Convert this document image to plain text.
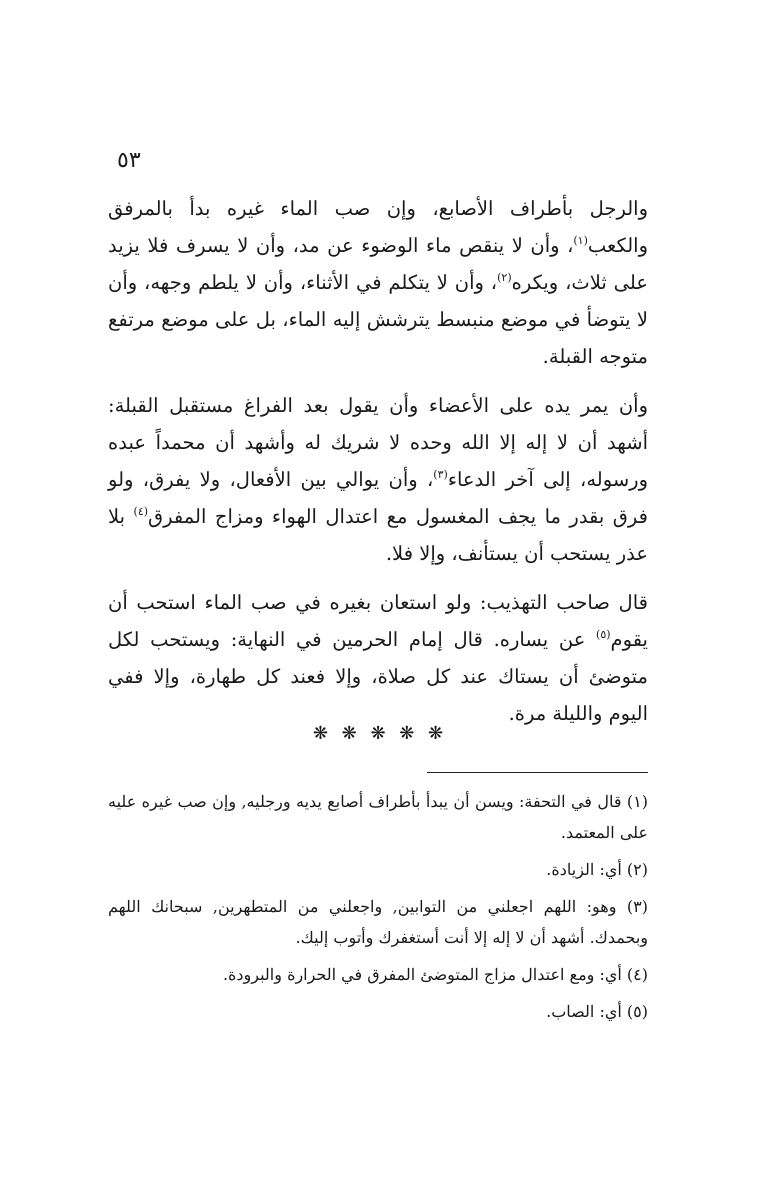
٥٣

والرجل بأطراف الأصابع، وإن صب الماء غيره بدأ بالمرفق والكعب$^{(١)}$، وأن لا ينقص ماء الوضوء عن مد، وأن لا يسرف فلا يزيد على ثلاث، ويكره$^{(٢)}$، وأن لا يتكلم في الأثناء، وأن لا يلطم وجهه، وأن لا يتوضأ في موضع منبسط يترشش إليه الماء، بل على موضع مرتفع متوجه القبلة.

وأن يمر يده على الأعضاء وأن يقول بعد الفراغ مستقبل القبلة: أشهد أن لا إله إلا الله وحده لا شريك له وأشهد أن محمداً عبده ورسوله، إلى آخر الدعاء$^{(٣)}$، وأن يوالي بين الأفعال، ولا يفرق، ولو فرق بقدر ما يجف المغسول مع اعتدال الهواء ومزاج المفرق$^{(٤)}$ بلا عذر يستحب أن يستأنف، وإلا فلا.

قال صاحب التهذيب: ولو استعان بغيره في صب الماء استحب أن يقوم$^{(٥)}$ عن يساره. قال إمام الحرمين في النهاية: ويستحب لكل متوضئ أن يستاك عند كل صلاة، وإلا فعند كل طهارة، وإلا ففي اليوم والليلة مرة.

❋ ❋ ❋ ❋ ❋

(١) قال في التحفة: ويسن أن يبدأ بأطراف أصابع يديه ورجليه, وإن صب غيره عليه على المعتمد.

(٢) أي: الزيادة.

(٣) وهو: اللهم اجعلني من التوابين, واجعلني من المتطهرين, سبحانك اللهم وبحمدك. أشهد أن لا إله إلا أنت أستغفرك وأتوب إليك.

(٤) أي: ومع اعتدال مزاج المتوضئ المفرق في الحرارة والبرودة.

(٥) أي: الصاب.
